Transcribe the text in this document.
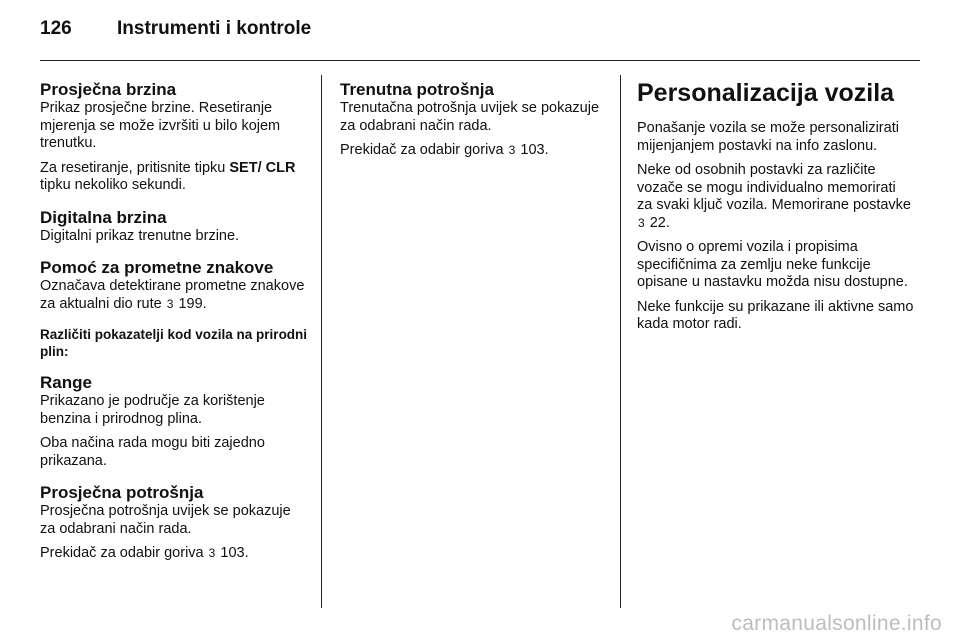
126	Instrumenti i kontrole
Prosječna brzina

Prikaz prosječne brzine. Resetiranje mjerenja se može izvršiti u bilo kojem trenutku.

Za resetiranje, pritisnite tipku SET/ CLR tipku nekoliko sekundi.

Digitalna brzina

Digitalni prikaz trenutne brzine.

Pomoć za prometne znakove

Označava detektirane prometne znakove za aktualni dio rute 3 199.

Različiti pokazatelji kod vozila na prirodni plin:
Range

Prikazano je područje za korištenje benzina i prirodnog plina.

Oba načina rada mogu biti zajedno prikazana.

Prosječna potrošnja

Prosječna potrošnja uvijek se pokazuje za odabrani način rada.

Prekidač za odabir goriva 3 103.

Trenutna potrošnja

Trenutačna potrošnja uvijek se pokazuje za odabrani način rada.

Prekidač za odabir goriva 3 103.

Personalizacija vozila

Ponašanje vozila se može personalizirati mijenjanjem postavki na info zaslonu.

Neke od osobnih postavki za različite vozače se mogu individualno memorirati za svaki ključ vozila. Memorirane postavke 3 22.

Ovisno o opremi vozila i propisima specifičnima za zemlju neke funkcije opisane u nastavku možda nisu dostupne.

Neke funkcije su prikazane ili aktivne samo kada motor radi.

carmanualsonline.info
